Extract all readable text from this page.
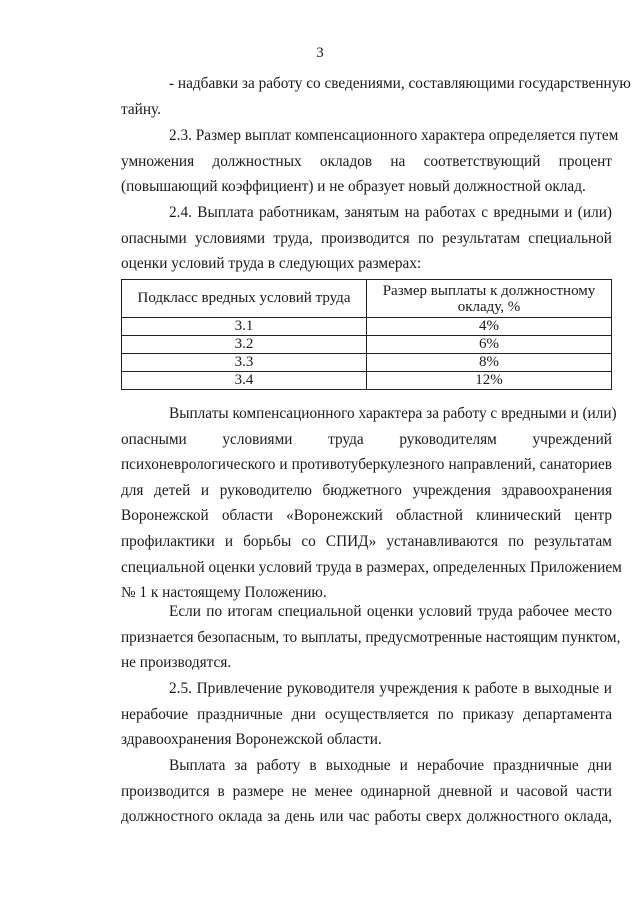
3
- надбавки за работу со сведениями, составляющими государственную
тайну.
2.3. Размер выплат компенсационного характера определяется путем
умножения должностных окладов на соответствующий процент
(повышающий коэффициент) и не образует новый должностной оклад.
2.4. Выплата работникам, занятым на работах с вредными и (или)
опасными условиями труда, производится по результатам специальной
оценки условий труда в следующих размерах:
Подкласс вредных условий труда	Размер выплаты к должностному
окладу, %

3.1	4%
3.2	6%
3.3	8%
3.4	12%
Выплаты компенсационного характера за работу с вредными и (или)
опасными условиями труда руководителям учреждений
психоневрологического и противотуберкулезного направлений, санаториев
для детей и руководителю бюджетного учреждения здравоохранения
Воронежской области «Воронежский областной клинический центр
профилактики и борьбы со СПИД» устанавливаются по результатам
специальной оценки условий труда в размерах, определенных Приложением
№ 1 к настоящему Положению.
Если по итогам специальной оценки условий труда рабочее место
признается безопасным, то выплаты, предусмотренные настоящим пунктом,
не производятся.
2.5. Привлечение руководителя учреждения к работе в выходные и
нерабочие праздничные дни осуществляется по приказу департамента
здравоохранения Воронежской области.
Выплата за работу в выходные и нерабочие праздничные дни
производится в размере не менее одинарной дневной и часовой части
должностного оклада за день или час работы сверх должностного оклада,
